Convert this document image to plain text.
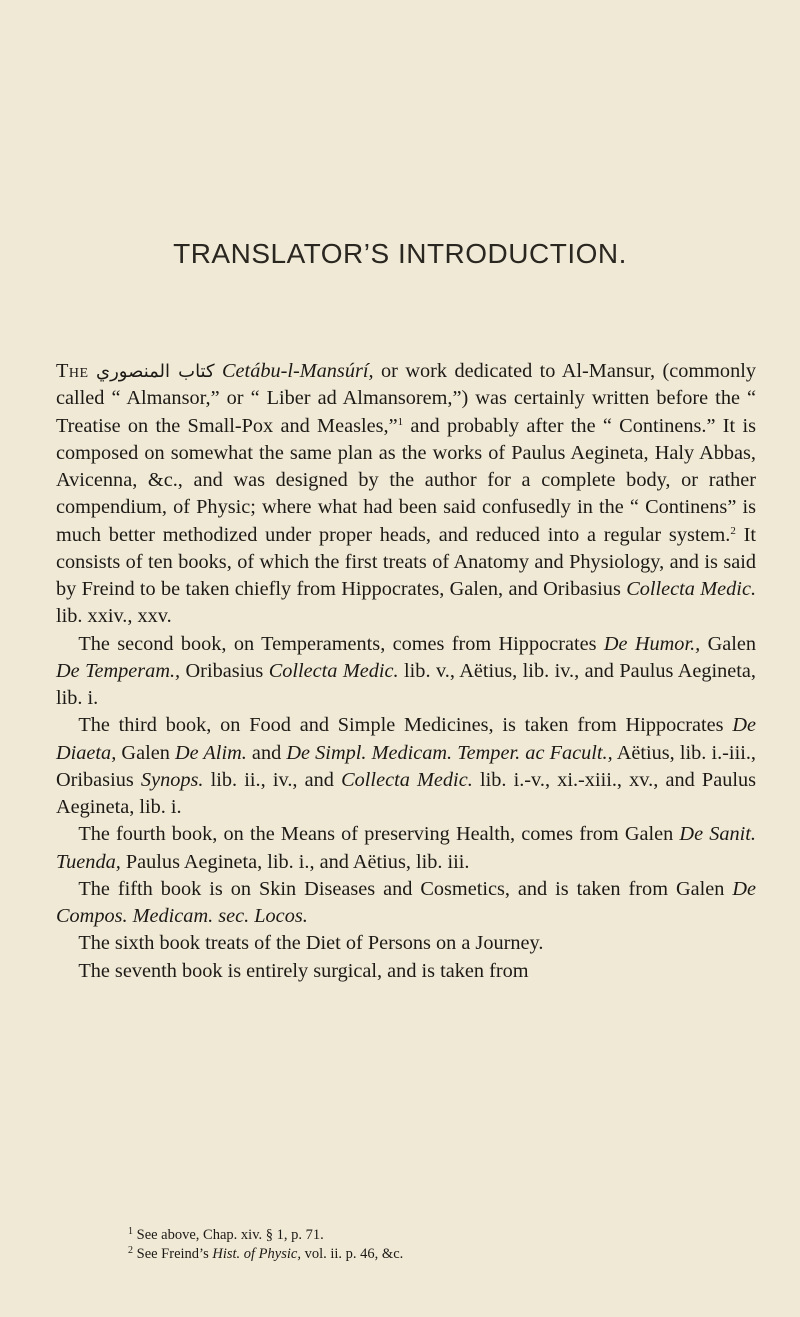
TRANSLATOR’S INTRODUCTION.

The كتاب المنصوري Cetábu-l-Mansúrí, or work dedicated to Al-Mansur, (commonly called “ Almansor,” or “ Liber ad Almansorem,”) was certainly written before the “ Treatise on the Small-Pox and Measles,”$^1$ and probably after the “ Continens.” It is composed on somewhat the same plan as the works of Paulus Aegineta, Haly Abbas, Avicenna, &c., and was designed by the author for a complete body, or rather compendium, of Physic; where what had been said confusedly in the “ Continens” is much better methodized under proper heads, and reduced into a regular system.$^2$ It consists of ten books, of which the first treats of Anatomy and Physiology, and is said by Freind to be taken chiefly from Hippocrates, Galen, and Oribasius Collecta Medic. lib. xxiv., xxv.

The second book, on Temperaments, comes from Hippocrates De Humor., Galen De Temperam., Oribasius Collecta Medic. lib. v., Aëtius, lib. iv., and Paulus Aegineta, lib. i.

The third book, on Food and Simple Medicines, is taken from Hippocrates De Diaeta, Galen De Alim. and De Simpl. Medicam. Temper. ac Facult., Aëtius, lib. i.-iii., Oribasius Synops. lib. ii., iv., and Collecta Medic. lib. i.-v., xi.-xiii., xv., and Paulus Aegineta, lib. i.

The fourth book, on the Means of preserving Health, comes from Galen De Sanit. Tuenda, Paulus Aegineta, lib. i., and Aëtius, lib. iii.

The fifth book is on Skin Diseases and Cosmetics, and is taken from Galen De Compos. Medicam. sec. Locos.

The sixth book treats of the Diet of Persons on a Journey.

The seventh book is entirely surgical, and is taken from

$^1$ See above, Chap. xiv. § 1, p. 71.
$^2$ See Freind’s Hist. of Physic, vol. ii. p. 46, &c.
